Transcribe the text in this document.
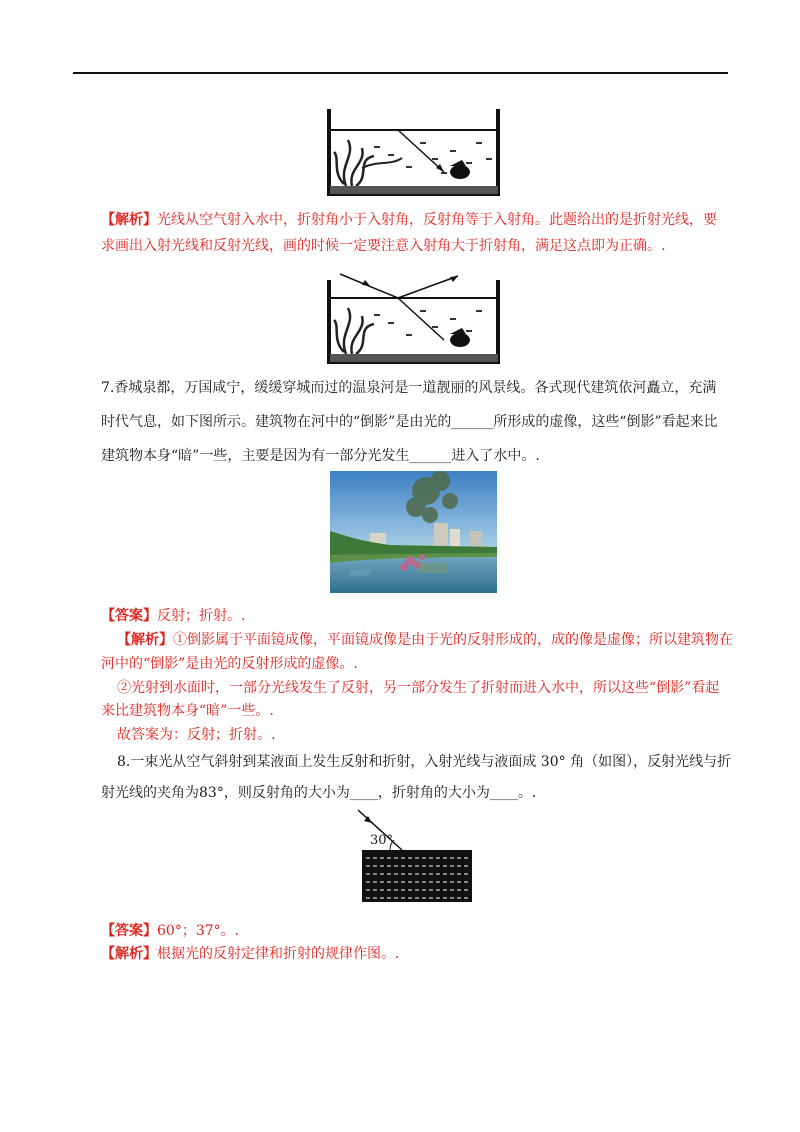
【解析】光线从空气射入水中，折射角小于入射角，反射角等于入射角。此题给出的是折射光线，要
求画出入射光线和反射光线，画的时候一定要注意入射角大于折射角，满足这点即为正确。.
7.香城泉都，万国咸宁，缓缓穿城而过的温泉河是一道靓丽的风景线。各式现代建筑依河矗立，充满
时代气息，如下图所示。建筑物在河中的“倒影”是由光的______所形成的虚像，这些“倒影”看起来比
建筑物本身“暗”一些，主要是因为有一部分光发生______进入了水中。.
【答案】反射；折射。.
【解析】①倒影属于平面镜成像，平面镜成像是由于光的反射形成的，成的像是虚像；所以建筑物在
河中的“倒影”是由光的反射形成的虚像。.
②光射到水面时，一部分光线发生了反射，另一部分发生了折射而进入水中，所以这些“倒影”看起
来比建筑物本身“暗”一些。.
故答案为：反射；折射。.
8.一束光从空气斜射到某液面上发生反射和折射，入射光线与液面成 30° 角（如图），反射光线与折
射光线的夹角为83°，则反射角的大小为____，折射角的大小为____。.
30°
【答案】60°；37°。.
【解析】根据光的反射定律和折射的规律作图。.
